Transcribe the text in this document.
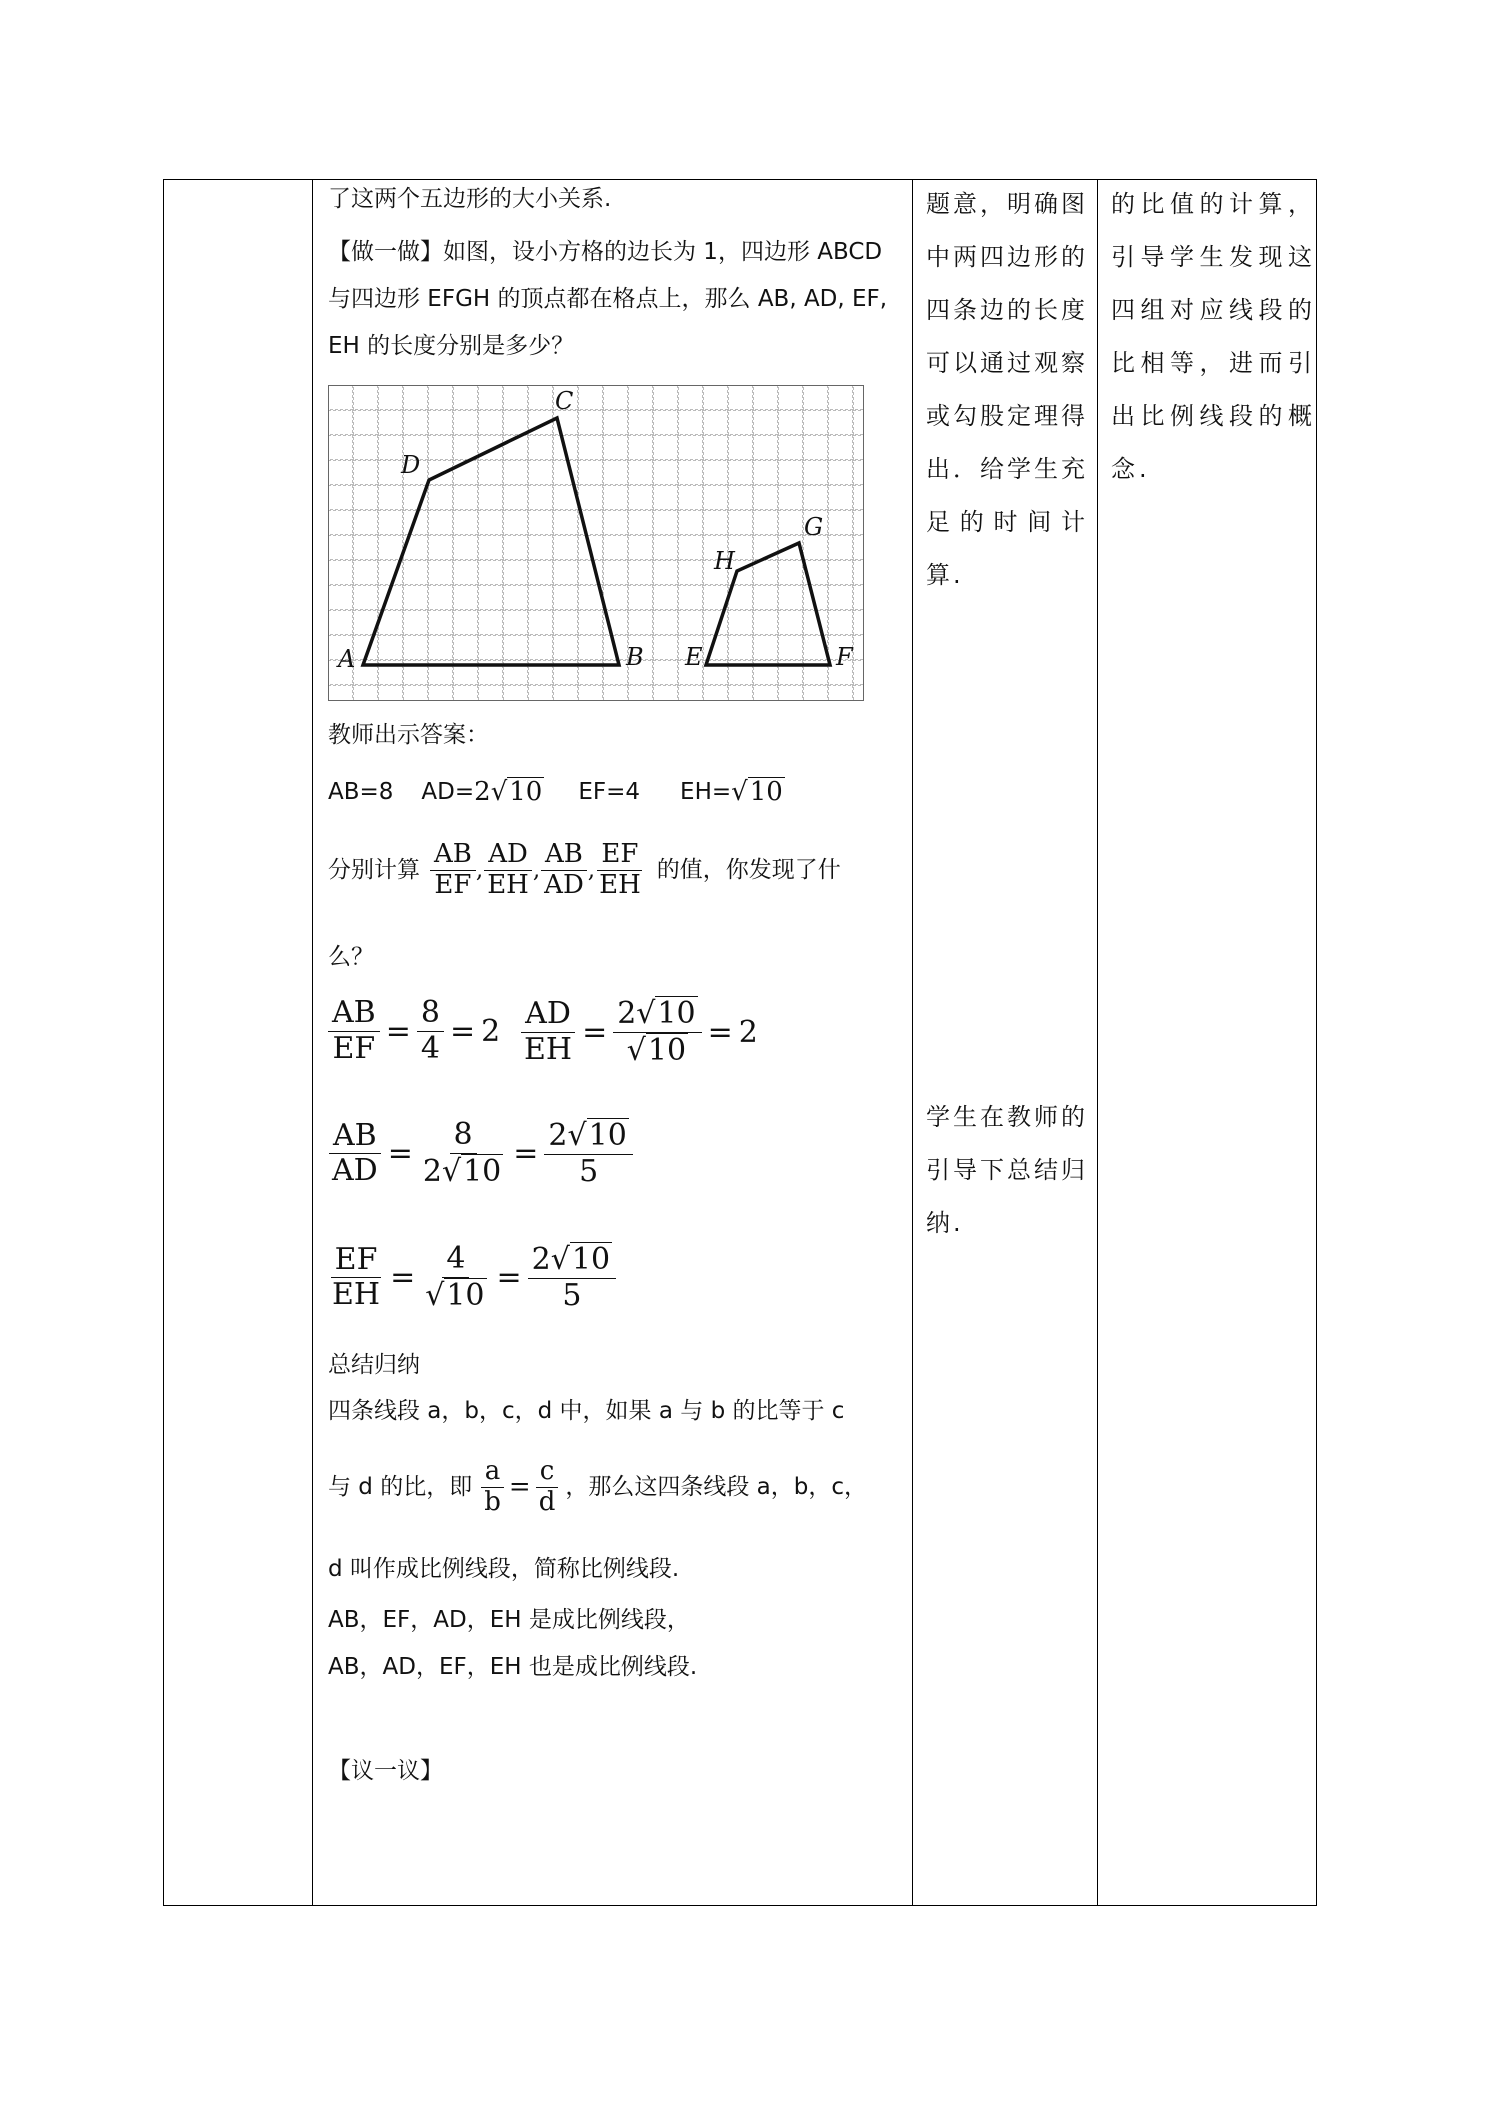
了这两个五边形的大小关系.
【做一做】如图，设小方格的边长为 1，四边形 ABCD
与四边形 EFGH 的顶点都在格点上，那么 AB, AD, EF,
EH 的长度分别是多少？
A	B
C
D
E	F
G
H
教师出示答案：
AB=8 AD= 2 √10 EF=4 EH= √10
分别计算 $\frac{AB}{EF}$ , $\frac{AD}{EH}$ , $\frac{AB}{AD}$ , $\frac{EF}{EH}$ 的值，你发现了什
么？
$\frac{AB}{EF} = \frac{8}{4} = 2 \frac{AD}{EH} = \frac{2√10}{√10} = 2$
$\frac{AB}{AD} = \frac{8}{2√10} = \frac{2√10}{5}$
$\frac{EF}{EH} = \frac{4}{√10} = \frac{2√10}{5}$
总结归纳
四条线段 a，b，c，d 中，如果 a 与 b 的比等于 c
与 d 的比，即 $\frac{a}{b} = \frac{c}{d}$ ，那么这四条线段 a，b，c，
d 叫作成比例线段，简称比例线段.
AB，EF，AD，EH 是成比例线段，
AB，AD，EF，EH 也是成比例线段.
【议一议】
题意，明确图中两四边形的四条边的长度可以通过观察或勾股定理得出．给学生充足的时间计算.
学生在教师的引导下总结归纳.
的比值的计算，引导学生发现这四组对应线段的比相等，进而引出比例线段的概念.
